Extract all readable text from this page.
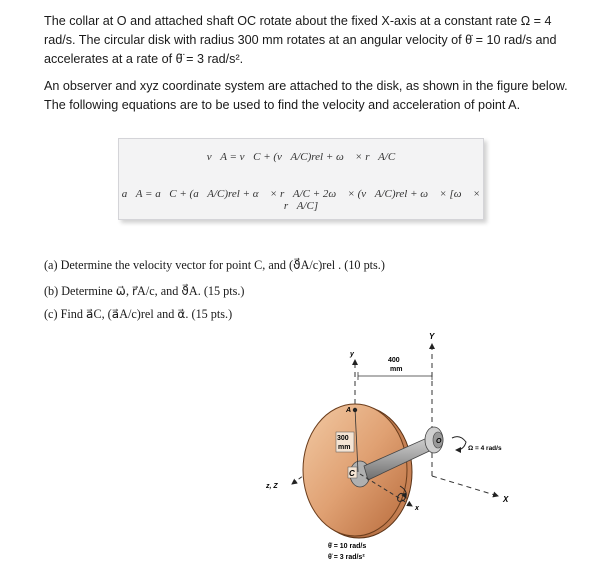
The collar at O and attached shaft OC rotate about the fixed X-axis at a constant rate Ω = 4 rad/s. The circular disk with radius 300 mm rotates at an angular velocity of θ̇ = 10 rad/s and accelerates at a rate of θ̈ = 3 rad/s².
An observer and xyz coordinate system are attached to the disk, as shown in the figure below. The following equations are to be used to find the velocity and acceleration of point A.
v⃗A = v⃗C + (v⃗A/C)rel + ω⃗ × r⃗A/C
a⃗A = a⃗C + (a⃗A/C)rel + α⃗ × r⃗A/C + 2ω⃗ × (v⃗A/C)rel + ω⃗ × [ω⃗ × r⃗A/C]
(a) Determine the velocity vector for point C, and (ϑ⃗A/c)rel . (10 pts.)
(b) Determine ω⃗, r⃗A/c, and ϑ⃗A. (15 pts.)
(c) Find a⃗C, (a⃗A/c)rel and α⃗. (15 pts.)
Y
X
z, Z
y
400
mm
O
Ω = 4 rad/s
x
A
300
mm
C
θ̇ = 10 rad/s
θ̈ = 3 rad/s²
